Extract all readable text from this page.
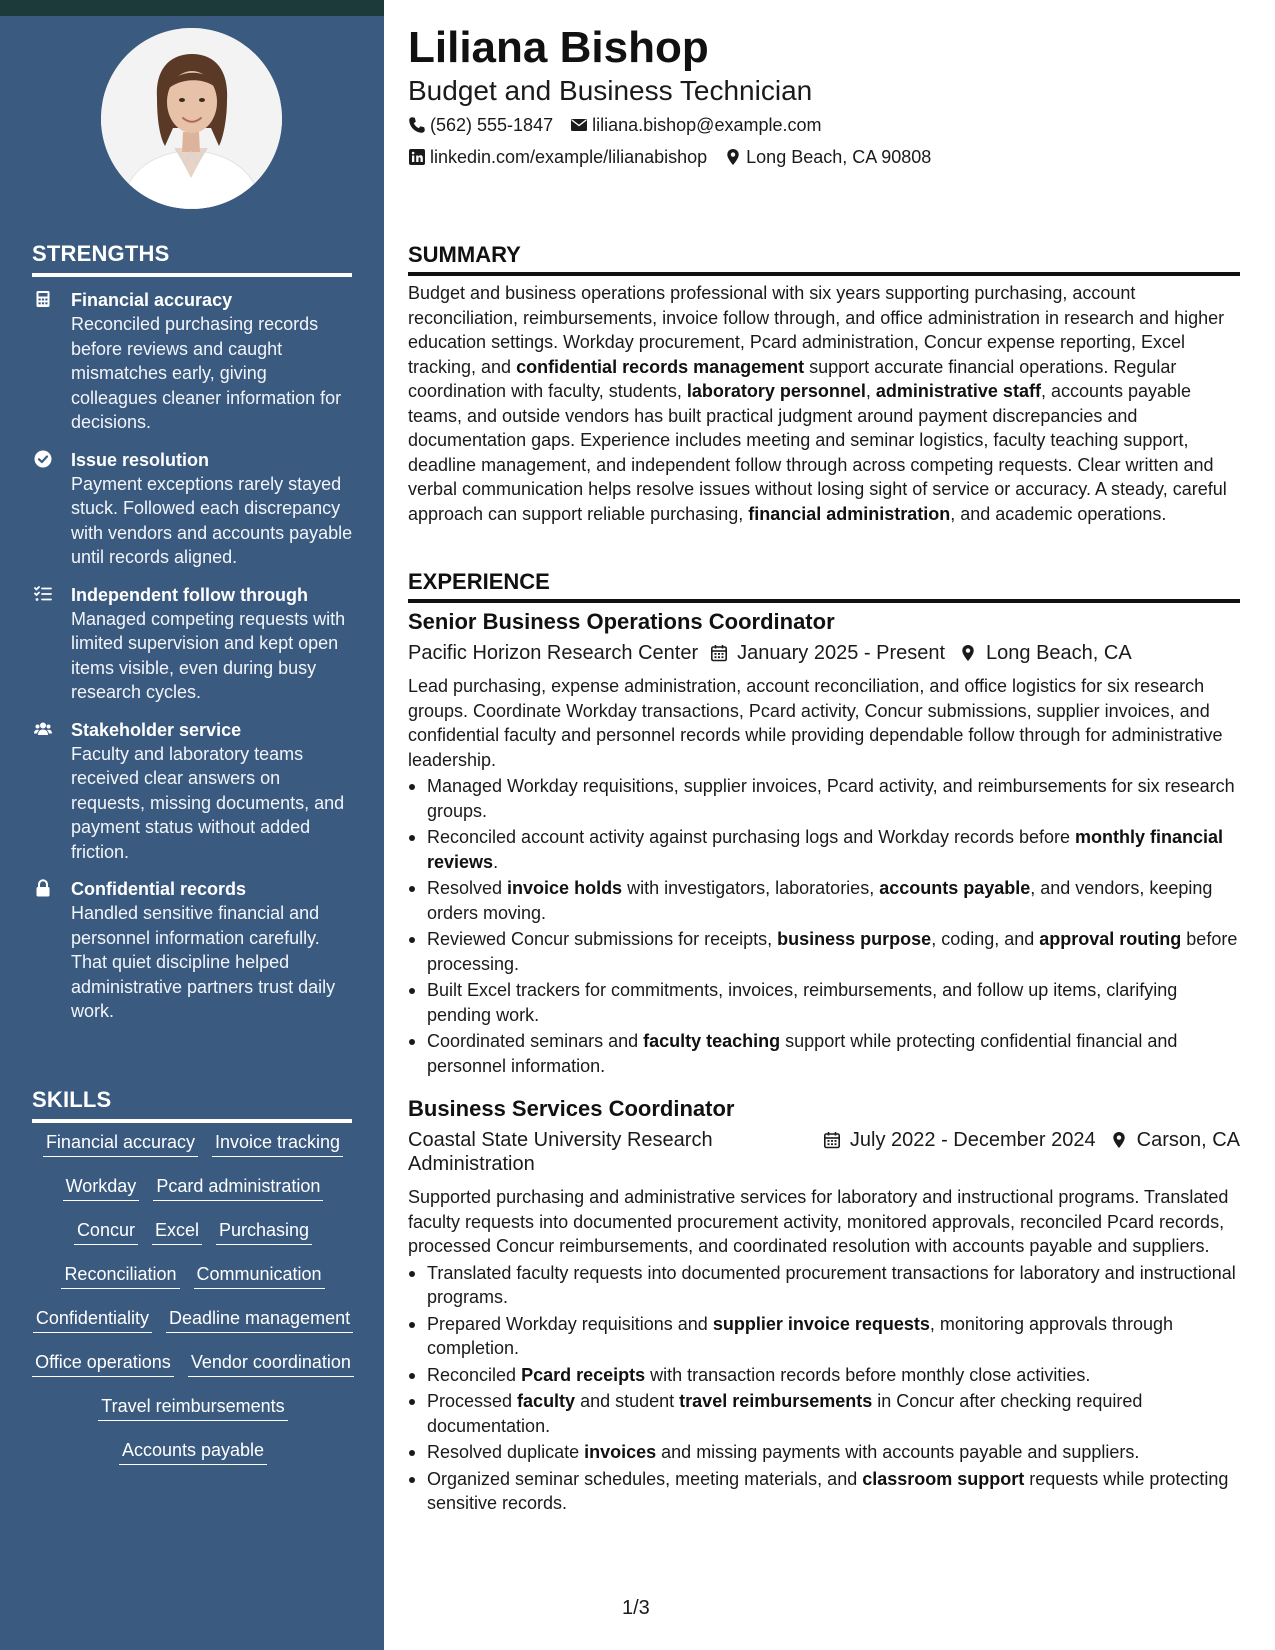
STRENGTHS
Financial accuracy
Reconciled purchasing records before reviews and caught mismatches early, giving colleagues cleaner information for decisions.
Issue resolution
Payment exceptions rarely stayed stuck. Followed each discrepancy with vendors and accounts payable until records aligned.
Independent follow through
Managed competing requests with limited supervision and kept open items visible, even during busy research cycles.
Stakeholder service
Faculty and laboratory teams received clear answers on requests, missing documents, and payment status without added friction.
Confidential records
Handled sensitive financial and personnel information carefully. That quiet discipline helped administrative partners trust daily work.
SKILLS
Financial accuracy Invoice tracking
Workday Pcard administration
Concur Excel Purchasing
Reconciliation Communication
Confidentiality Deadline management
Office operations Vendor coordination
Travel reimbursements
Accounts payable
Liliana Bishop
Budget and Business Technician
(562) 555-1847 liliana.bishop@example.com
linkedin.com/example/lilianabishop Long Beach, CA 90808
SUMMARY

Budget and business operations professional with six years supporting purchasing, account reconciliation, reimbursements, invoice follow through, and office administration in research and higher education settings. Workday procurement, Pcard administration, Concur expense reporting, Excel tracking, and confidential records management support accurate financial operations. Regular coordination with faculty, students, laboratory personnel, administrative staff, accounts payable teams, and outside vendors has built practical judgment around payment discrepancies and documentation gaps. Experience includes meeting and seminar logistics, faculty teaching support, deadline management, and independent follow through across competing requests. Clear written and verbal communication helps resolve issues without losing sight of service or accuracy. A steady, careful approach can support reliable purchasing, financial administration, and academic operations.

EXPERIENCE
Senior Business Operations Coordinator
Pacific Horizon Research Center January 2025 - Present Long Beach, CA

Lead purchasing, expense administration, account reconciliation, and office logistics for six research groups. Coordinate Workday transactions, Pcard activity, Concur submissions, supplier invoices, and confidential faculty and personnel records while providing dependable follow through for administrative leadership.

Managed Workday requisitions, supplier invoices, Pcard activity, and reimbursements for six research groups.
Reconciled account activity against purchasing logs and Workday records before monthly financial reviews.
Resolved invoice holds with investigators, laboratories, accounts payable, and vendors, keeping orders moving.
Reviewed Concur submissions for receipts, business purpose, coding, and approval routing before processing.
Built Excel trackers for commitments, invoices, reimbursements, and follow up items, clarifying pending work.
Coordinated seminars and faculty teaching support while protecting confidential financial and personnel information.
Business Services Coordinator
Coastal State University Research Administration
July 2022 - December 2024 Carson, CA

Supported purchasing and administrative services for laboratory and instructional programs. Translated faculty requests into documented procurement activity, monitored approvals, reconciled Pcard records, processed Concur reimbursements, and coordinated resolution with accounts payable and suppliers.

Translated faculty requests into documented procurement transactions for laboratory and instructional programs.
Prepared Workday requisitions and supplier invoice requests, monitoring approvals through completion.
Reconciled Pcard receipts with transaction records before monthly close activities.
Processed faculty and student travel reimbursements in Concur after checking required documentation.
Resolved duplicate invoices and missing payments with accounts payable and suppliers.
Organized seminar schedules, meeting materials, and classroom support requests while protecting sensitive records.
1/3
